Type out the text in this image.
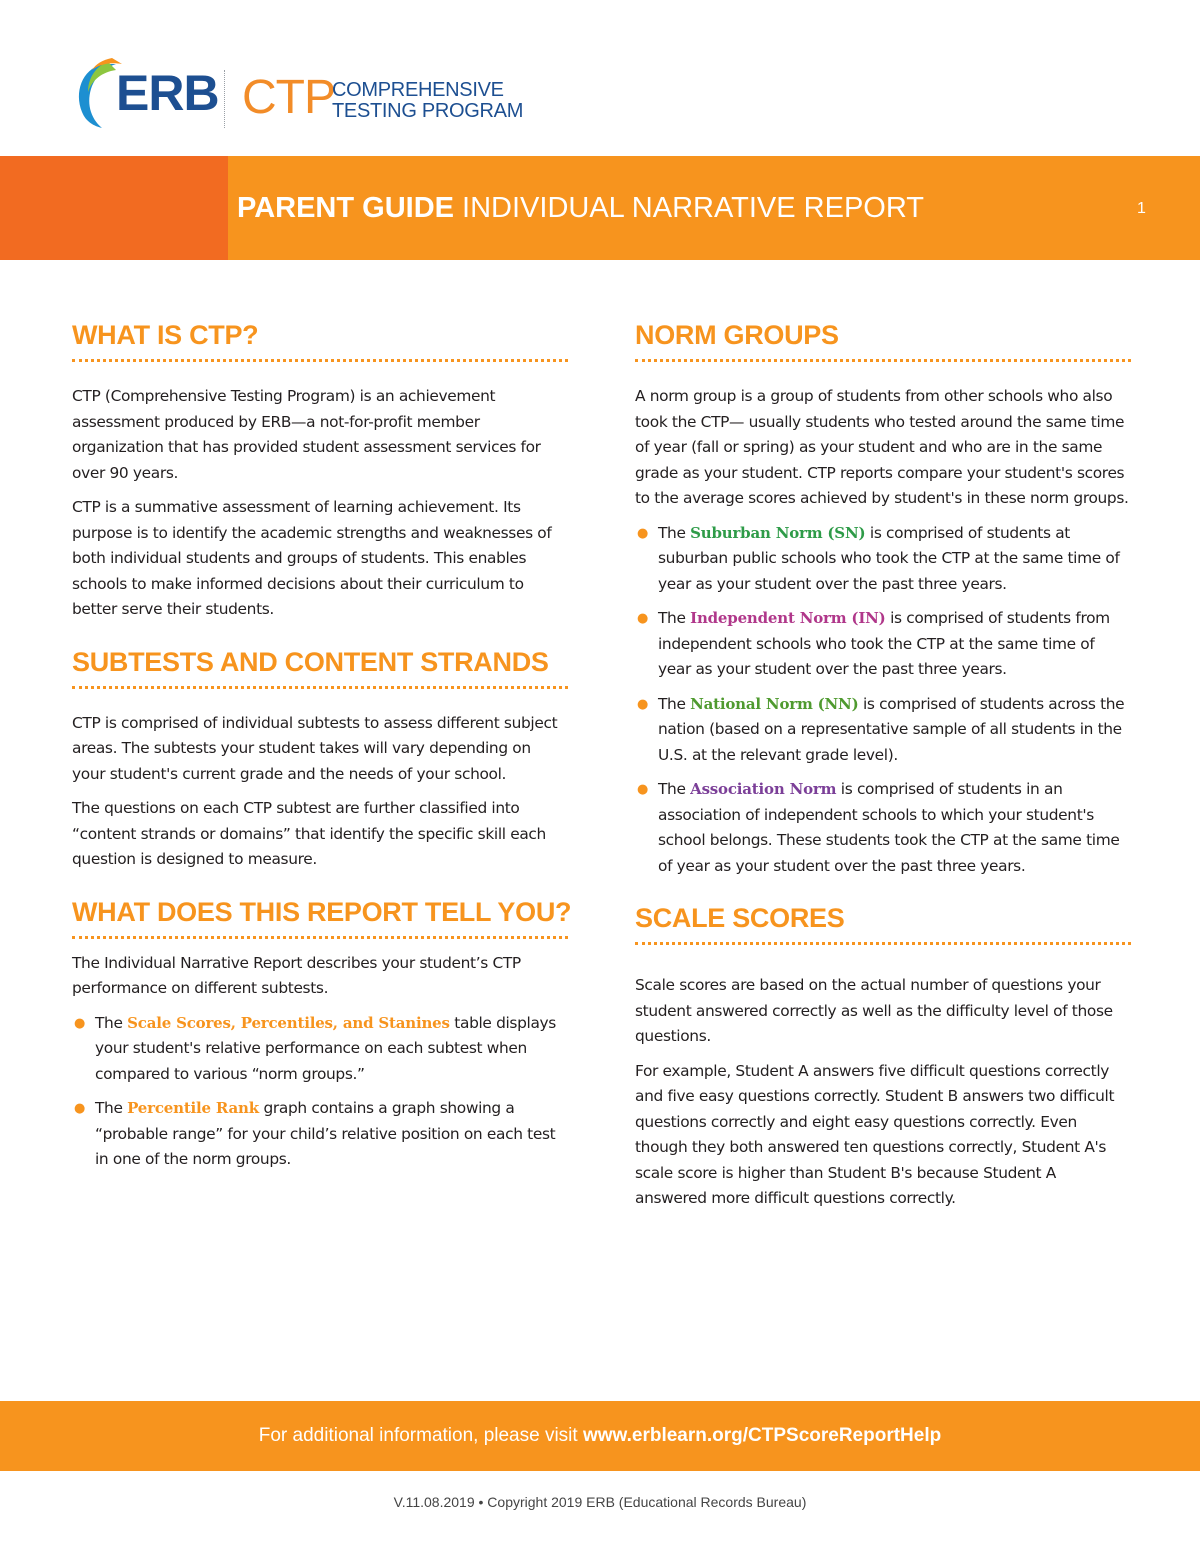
ERB CTP
COMPREHENSIVE
TESTING PROGRAM
PARENT GUIDE INDIVIDUAL NARRATIVE REPORT	1
WHAT IS CTP?

CTP (Comprehensive Testing Program) is an achievement assessment produced by ERB—a not-for-profit member organization that has provided student assessment services for over 90 years.

CTP is a summative assessment of learning achievement. Its purpose is to identify the academic strengths and weaknesses of both individual students and groups of students. This enables schools to make informed decisions about their curriculum to better serve their students.

SUBTESTS AND CONTENT STRANDS

CTP is comprised of individual subtests to assess different subject areas. The subtests your student takes will vary depending on your student's current grade and the needs of your school.

The questions on each CTP subtest are further classified into “content strands or domains” that identify the specific skill each question is designed to measure.

WHAT DOES THIS REPORT TELL YOU?

The Individual Narrative Report describes your student’s CTP performance on different subtests.

● The Scale Scores, Percentiles, and Stanines table displays your student's relative performance on each subtest when compared to various “norm groups.”
● The Percentile Rank graph contains a graph showing a “probable range” for your child’s relative position on each test in one of the norm groups.
NORM GROUPS

A norm group is a group of students from other schools who also took the CTP— usually students who tested around the same time of year (fall or spring) as your student and who are in the same grade as your student. CTP reports compare your student's scores to the average scores achieved by student's in these norm groups.

● The Suburban Norm (SN) is comprised of students at suburban public schools who took the CTP at the same time of year as your student over the past three years.
● The Independent Norm (IN) is comprised of students from independent schools who took the CTP at the same time of year as your student over the past three years.
● The National Norm (NN) is comprised of students across the nation (based on a representative sample of all students in the U.S. at the relevant grade level).
● The Association Norm is comprised of students in an association of independent schools to which your student's school belongs. These students took the CTP at the same time of year as your student over the past three years.
SCALE SCORES

Scale scores are based on the actual number of questions your student answered correctly as well as the difficulty level of those questions.

For example, Student A answers five difficult questions correctly and five easy questions correctly. Student B answers two difficult questions correctly and eight easy questions correctly. Even though they both answered ten questions correctly, Student A's scale score is higher than Student B's because Student A answered more difficult questions correctly.

For additional information, please visit www.erblearn.org/CTPScoreReportHelp
V.11.08.2019 • Copyright 2019 ERB (Educational Records Bureau)
